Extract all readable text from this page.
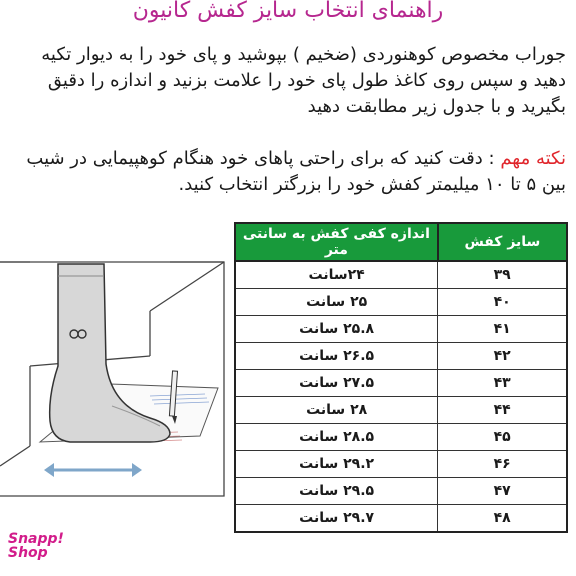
راهنمای انتخاب سایز کفش کانیون
جوراب مخصوص کوهنوردی (ضخیم ) بپوشید و پای خود را به دیوار تکیه دهید و سپس روی کاغذ طول پای خود را علامت بزنید و اندازه را دقیق بگیرید و با جدول زیر مطابقت دهید
نکته مهم : دقت کنید که برای راحتی پاهای خود هنگام کوهپیمایی در شیب بین ۵ تا ۱۰ میلیمتر کفش خود را بزرگتر انتخاب کنید.
Snapp!
Shop
سایز کفش	اندازه کفی کفش به سانتی متر
۳۹	۲۴سانت
۴۰	۲۵ سانت
۴۱	۲۵.۸ سانت
۴۲	۲۶.۵ سانت
۴۳	۲۷.۵ سانت
۴۴	۲۸ سانت
۴۵	۲۸.۵ سانت
۴۶	۲۹.۲ سانت
۴۷	۲۹.۵ سانت
۴۸	۲۹.۷ سانت
